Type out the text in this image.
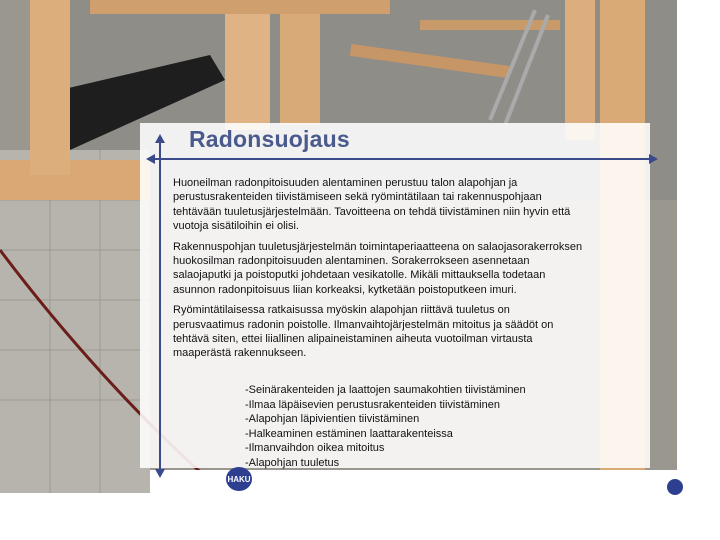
Radonsuojaus

Huoneilman radonpitoisuuden alentaminen perustuu talon alapohjan ja perustusrakenteiden tiivistämiseen sekä ryömintätilaan tai rakennuspohjaan tehtävään tuuletusjärjestelmään. Tavoitteena on tehdä tiivistäminen niin hyvin että vuotoja sisätiloihin ei olisi.

Rakennuspohjan tuuletusjärjestelmän toimintaperiaatteena on salaojasorakerroksen huokosilman radonpitoisuuden alentaminen. Sorakerrokseen asennetaan salaojaputki ja poistoputki johdetaan vesikatolle. Mikäli mittauksella todetaan asunnon radonpitoisuus liian korkeaksi, kytketään poistoputkeen imuri.

Ryömintätilaisessa ratkaisussa myöskin alapohjan riittävä tuuletus on perusvaatimus radonin poistolle. Ilmanvaihtojärjestelmän mitoitus ja säädöt on tehtävä siten, ettei liiallinen alipaineistaminen aiheuta vuotoilman virtausta maaperästä rakennukseen.

-Seinärakenteiden ja laattojen saumakohtien tiivistäminen
-Ilmaa läpäisevien perustusrakenteiden tiivistäminen
-Alapohjan läpivientien tiivistäminen
-Halkeaminen estäminen laattarakenteissa
-Ilmanvaihdon oikea mitoitus
-Alapohjan tuuletus
HAKU
